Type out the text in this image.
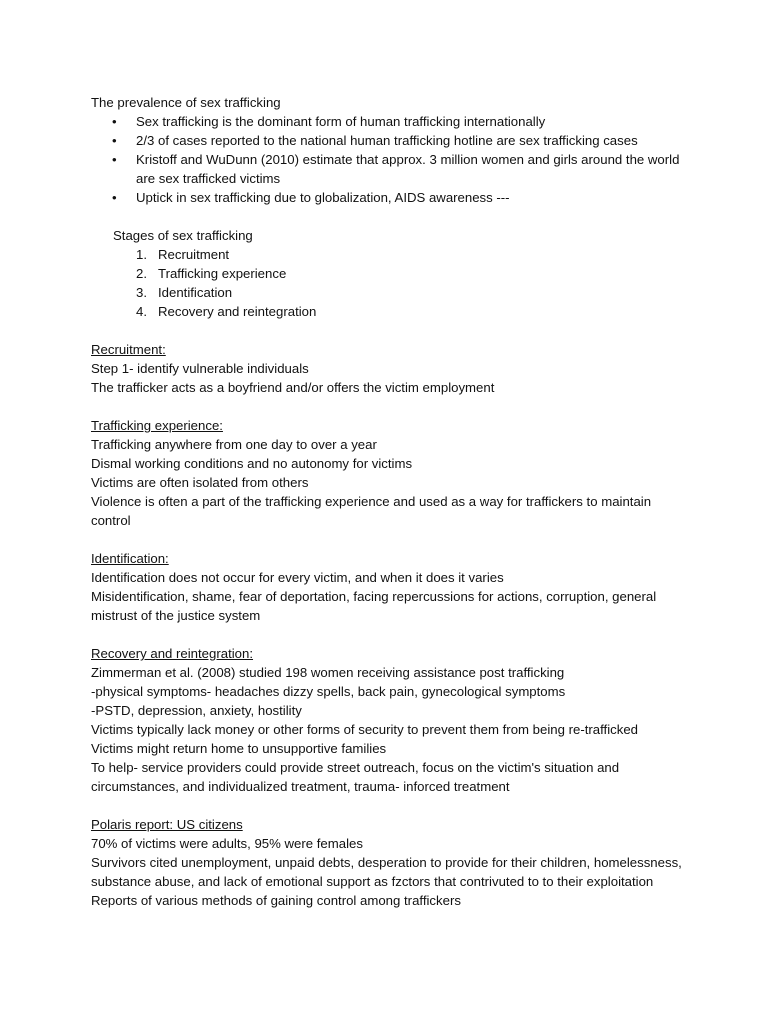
The prevalence of sex trafficking
• Sex trafficking is the dominant form of human trafficking internationally
• 2/3 of cases reported to the national human trafficking hotline are sex trafficking cases
• Kristoff and WuDunn (2010) estimate that approx. 3 million women and girls around the world are sex trafficked victims
• Uptick in sex trafficking due to globalization, AIDS awareness ---
Stages of sex trafficking
1. Recruitment
2. Trafficking experience
3. Identification
4. Recovery and reintegration
Recruitment:
Step 1- identify vulnerable individuals
The trafficker acts as a boyfriend and/or offers the victim employment
Trafficking experience:
Trafficking anywhere from one day to over a year
Dismal working conditions and no autonomy for victims
Victims are often isolated from others
Violence is often a part of the trafficking experience and used as a way for traffickers to maintain control
Identification:
Identification does not occur for every victim, and when it does it varies
Misidentification, shame, fear of deportation, facing repercussions for actions, corruption, general mistrust of the justice system
Recovery and reintegration:
Zimmerman et al. (2008) studied 198 women receiving assistance post trafficking
-physical symptoms- headaches dizzy spells, back pain, gynecological symptoms
-PSTD, depression, anxiety, hostility
Victims typically lack money or other forms of security to prevent them from being re-trafficked
Victims might return home to unsupportive families
To help- service providers could provide street outreach, focus on the victim's situation and circumstances, and individualized treatment, trauma- inforced treatment
Polaris report: US citizens
70% of victims were adults, 95% were females
Survivors cited unemployment, unpaid debts, desperation to provide for their children, homelessness, substance abuse, and lack of emotional support as fzctors that contrivuted to to their exploitation
Reports of various methods of gaining control among traffickers
